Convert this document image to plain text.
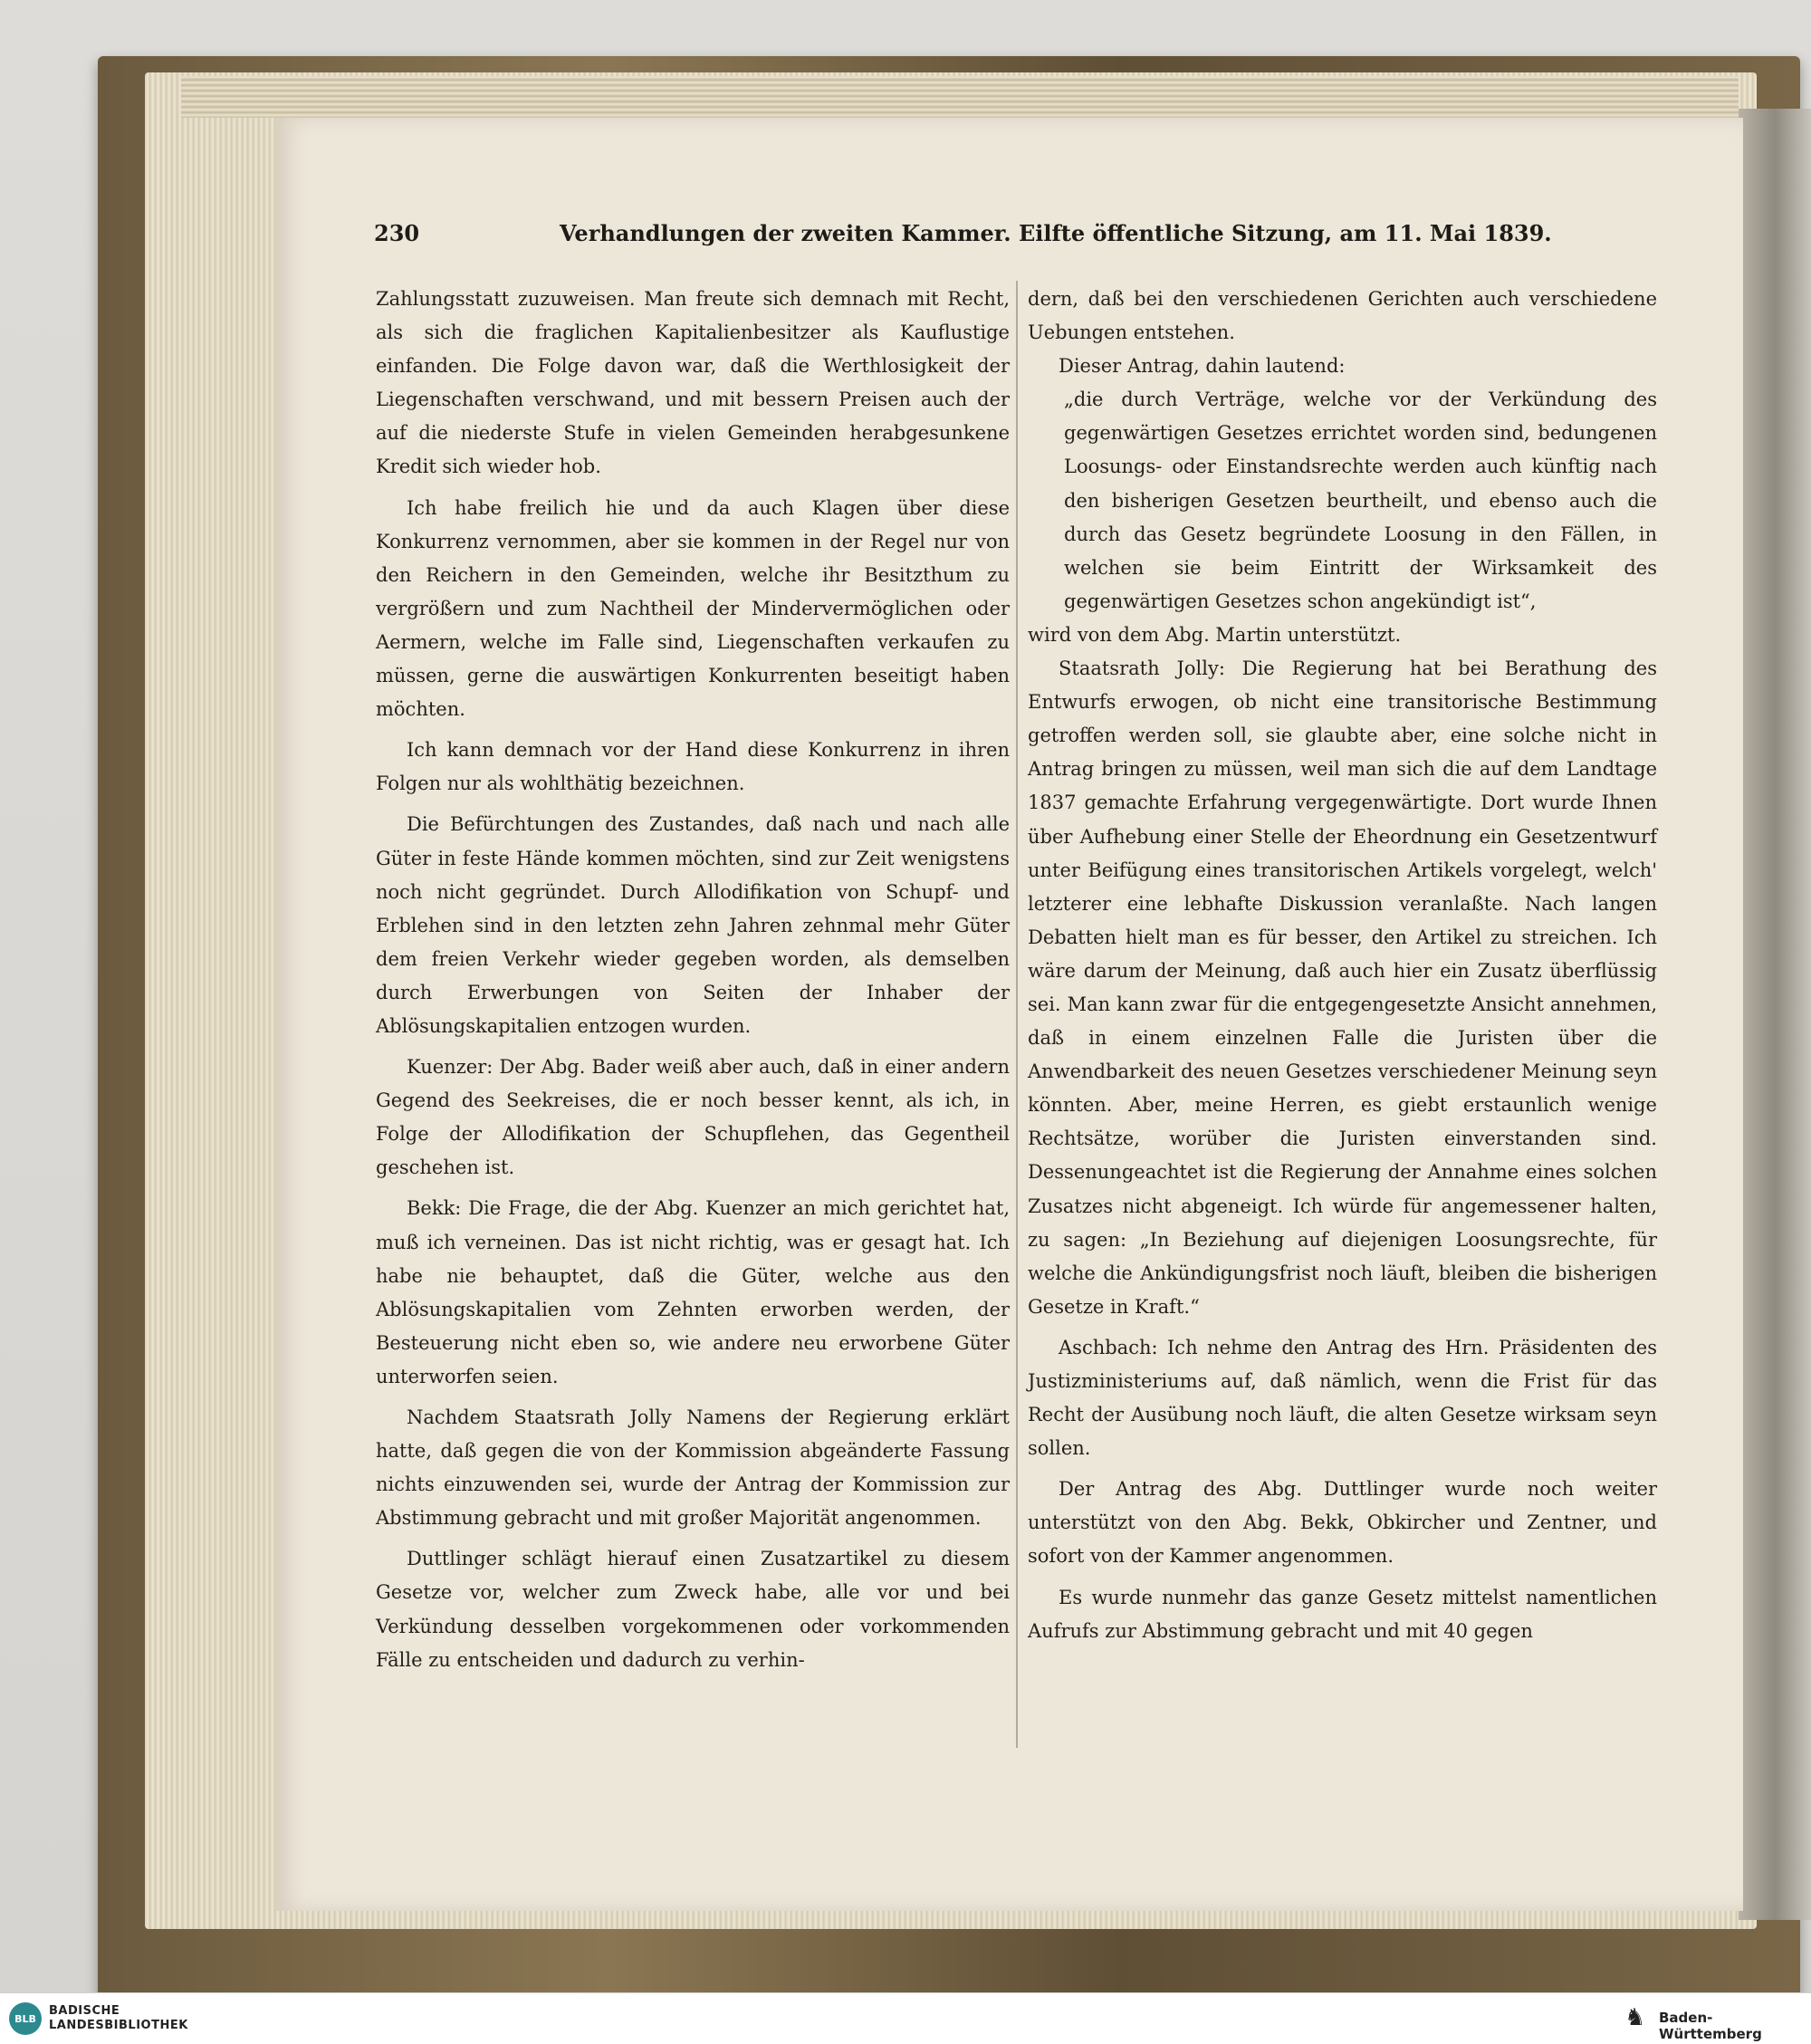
230	Verhandlungen der zweiten Kammer. Eilfte öffentliche Sitzung, am 11. Mai 1839.

Zahlungsstatt zuzuweisen. Man freute sich demnach mit Recht, als sich die fraglichen Kapitalienbesitzer als Kauflustige einfanden. Die Folge davon war, daß die Werthlosigkeit der Liegenschaften verschwand, und mit bessern Preisen auch der auf die niederste Stufe in vielen Gemeinden herabgesunkene Kredit sich wieder hob.

Ich habe freilich hie und da auch Klagen über diese Konkurrenz vernommen, aber sie kommen in der Regel nur von den Reichern in den Gemeinden, welche ihr Besitzthum zu vergrößern und zum Nachtheil der Mindervermöglichen oder Aermern, welche im Falle sind, Liegenschaften verkaufen zu müssen, gerne die auswärtigen Konkurrenten beseitigt haben möchten.

Ich kann demnach vor der Hand diese Konkurrenz in ihren Folgen nur als wohlthätig bezeichnen.

Die Befürchtungen des Zustandes, daß nach und nach alle Güter in feste Hände kommen möchten, sind zur Zeit wenigstens noch nicht gegründet. Durch Allodifikation von Schupf- und Erblehen sind in den letzten zehn Jahren zehnmal mehr Güter dem freien Verkehr wieder gegeben worden, als demselben durch Erwerbungen von Seiten der Inhaber der Ablösungskapitalien entzogen wurden.

Kuenzer: Der Abg. Bader weiß aber auch, daß in einer andern Gegend des Seekreises, die er noch besser kennt, als ich, in Folge der Allodifikation der Schupflehen, das Gegentheil geschehen ist.

Bekk: Die Frage, die der Abg. Kuenzer an mich gerichtet hat, muß ich verneinen. Das ist nicht richtig, was er gesagt hat. Ich habe nie behauptet, daß die Güter, welche aus den Ablösungskapitalien vom Zehnten erworben werden, der Besteuerung nicht eben so, wie andere neu erworbene Güter unterworfen seien.

Nachdem Staatsrath Jolly Namens der Regierung erklärt hatte, daß gegen die von der Kommission abgeänderte Fassung nichts einzuwenden sei, wurde der Antrag der Kommission zur Abstimmung gebracht und mit großer Majorität angenommen.

Duttlinger schlägt hierauf einen Zusatzartikel zu diesem Gesetze vor, welcher zum Zweck habe, alle vor und bei Verkündung desselben vorgekommenen oder vorkommenden Fälle zu entscheiden und dadurch zu verhin-

dern, daß bei den verschiedenen Gerichten auch verschiedene Uebungen entstehen.

Dieser Antrag, dahin lautend:

„die durch Verträge, welche vor der Verkündung des gegenwärtigen Gesetzes errichtet worden sind, bedungenen Loosungs- oder Einstandsrechte werden auch künftig nach den bisherigen Gesetzen beurtheilt, und ebenso auch die durch das Gesetz begründete Loosung in den Fällen, in welchen sie beim Eintritt der Wirksamkeit des gegenwärtigen Gesetzes schon angekündigt ist“,

wird von dem Abg. Martin unterstützt.

Staatsrath Jolly: Die Regierung hat bei Berathung des Entwurfs erwogen, ob nicht eine transitorische Bestimmung getroffen werden soll, sie glaubte aber, eine solche nicht in Antrag bringen zu müssen, weil man sich die auf dem Landtage 1837 gemachte Erfahrung vergegenwärtigte. Dort wurde Ihnen über Aufhebung einer Stelle der Eheordnung ein Gesetzentwurf unter Beifügung eines transitorischen Artikels vorgelegt, welch' letzterer eine lebhafte Diskussion veranlaßte. Nach langen Debatten hielt man es für besser, den Artikel zu streichen. Ich wäre darum der Meinung, daß auch hier ein Zusatz überflüssig sei. Man kann zwar für die entgegengesetzte Ansicht annehmen, daß in einem einzelnen Falle die Juristen über die Anwendbarkeit des neuen Gesetzes verschiedener Meinung seyn könnten. Aber, meine Herren, es giebt erstaunlich wenige Rechtsätze, worüber die Juristen einverstanden sind. Dessenungeachtet ist die Regierung der Annahme eines solchen Zusatzes nicht abgeneigt. Ich würde für angemessener halten, zu sagen: „In Beziehung auf diejenigen Loosungsrechte, für welche die Ankündigungsfrist noch läuft, bleiben die bisherigen Gesetze in Kraft.“

Aschbach: Ich nehme den Antrag des Hrn. Präsidenten des Justizministeriums auf, daß nämlich, wenn die Frist für das Recht der Ausübung noch läuft, die alten Gesetze wirksam seyn sollen.

Der Antrag des Abg. Duttlinger wurde noch weiter unterstützt von den Abg. Bekk, Obkircher und Zentner, und sofort von der Kammer angenommen.

Es wurde nunmehr das ganze Gesetz mittelst namentlichen Aufrufs zur Abstimmung gebracht und mit 40 gegen

BLB
BADISCHE
LANDESBIBLIOTHEK	♞ Baden-Württemberg
